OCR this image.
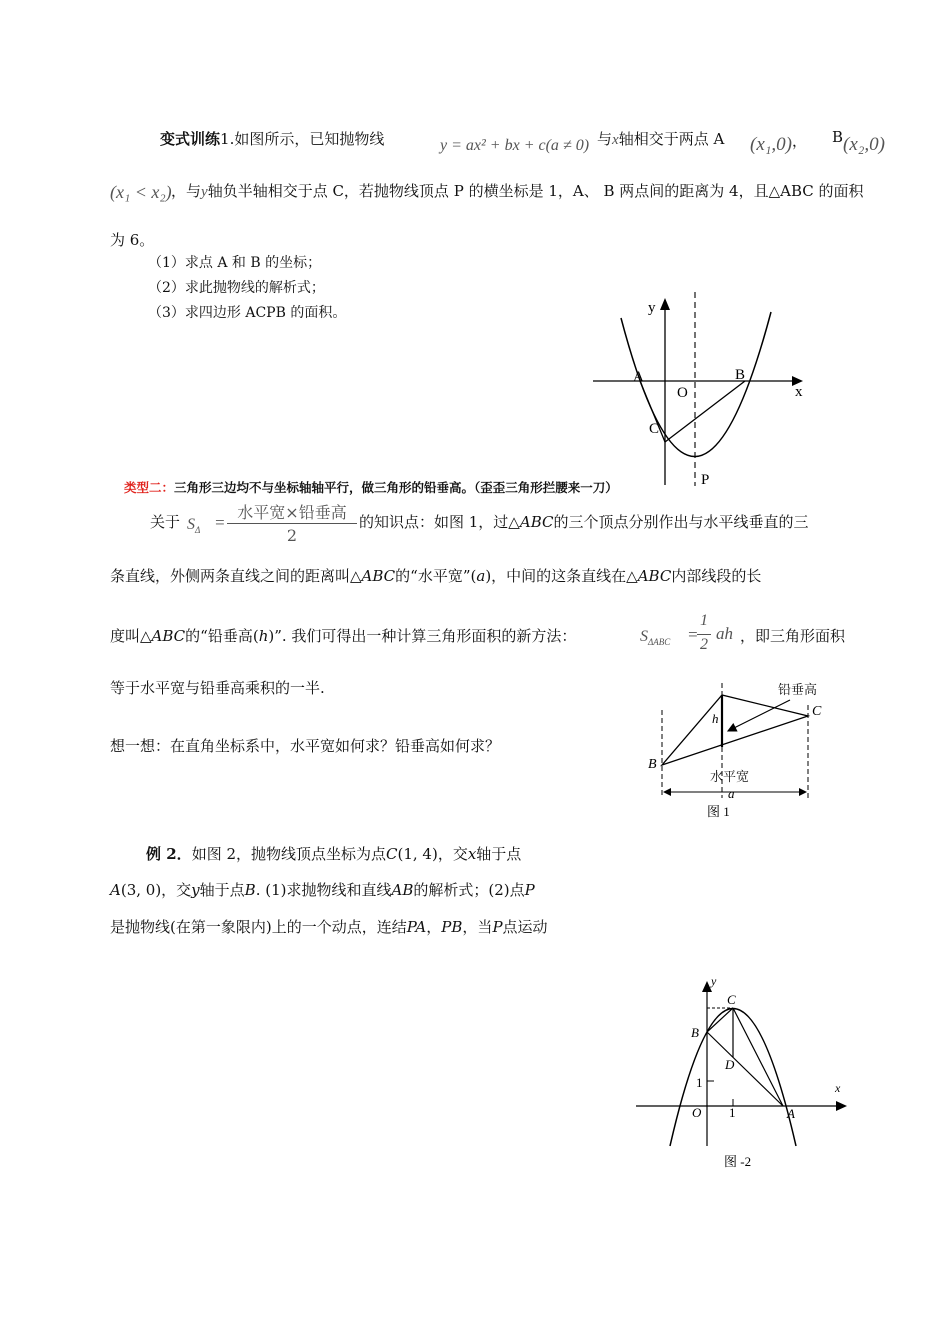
变式训练1.如图所示，已知抛物线	y = ax² + bx + c(a ≠ 0) 与x轴相交于两点 A (x₁,0) ， B (x₂,0)
(x₁ < x₂) ，与y轴负半轴相交于点 C，若抛物线顶点 P 的横坐标是 1，A、 B 两点间的距离为 4，且△ABC 的面积
为 6。
（1）求点 A 和 B 的坐标；
（2）求此抛物线的解析式；
（3）求四边形 ACPB 的面积。	y
x
A
O
B
C
P
类型二：三角形三边均不与坐标轴轴平行，做三角形的铅垂高。（歪歪三角形拦腰来一刀）
关于 $S_\Delta$ =
水平宽×铅垂高
2
的知识点：如图 1，过△ABC的三个顶点分别作出与水平线垂直的三
条直线，外侧两条直线之间的距离叫△ABC的“水平宽”(a)，中间的这条直线在△ABC内部线段的长
度叫△ABC的“铅垂高(h)”. 我们可得出一种计算三角形面积的新方法：	$S_{\Delta ABC}$ =
1
2
ah ，即三角形面积
等于水平宽与铅垂高乘积的一半.
想一想：在直角坐标系中，水平宽如何求？铅垂高如何求？
铅垂高
C
B
h
水平宽
a
图 1
例 2．如图 2，抛物线顶点坐标为点C(1, 4)，交x轴于点
A(3, 0)，交y轴于点B. (1)求抛物线和直线AB的解析式；(2)点P
是抛物线(在第一象限内)上的一个动点，连结PA，PB，当P点运动
y
x
C
B
D
1
O 1	A
图 -2
